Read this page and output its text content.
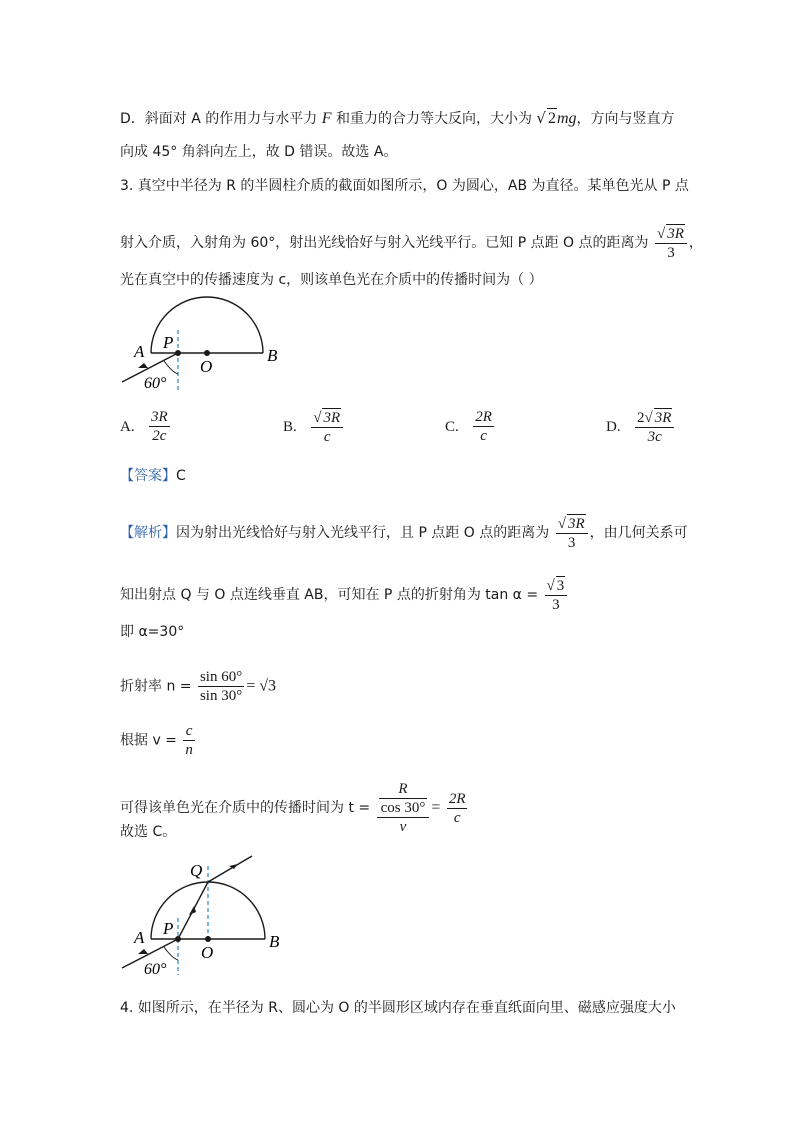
D．斜面对 A 的作用力与水平力 F 和重力的合力等大反向，大小为 √ 2mg，方向与竖直方
向成 45° 角斜向左上，故 D 错误。故选 A。
3. 真空中半径为 R 的半圆柱介质的截面如图所示，O 为圆心，AB 为直径。某单色光从 P 点
射入介质，入射角为 60°，射出光线恰好与射入光线平行。已知 P 点距 O 点的距离为 $\frac{√ 3R}{3}$ ，
光在真空中的传播速度为 c，则该单色光在介质中的传播时间为（ ）
A P
O
B
60°
A. $\frac{3R}{2c}$	B. $\frac{√ 3R}{c}$	C. $\frac{2R}{c}$	D. $\frac{2√ 3R}{3c}$
【答案】C
【解析】因为射出光线恰好与射入光线平行，且 P 点距 O 点的距离为 $\frac{√ 3R}{3}$ ，由几何关系可
知出射点 Q 与 O 点连线垂直 AB，可知在 P 点的折射角为 $\tan \alpha = \frac{√ 3}{3}$
即 α=30°
折射率 $n = \frac{\sin 60^\circ}{\sin 30^\circ} = √3$
根据 $v = \frac{c}{n}$
可得该单色光在介质中的传播时间为 $t = \frac{\frac{R}{\cos 30^\circ}}{v} = \frac{2R}{c}$
故选 C。
Q
A P
O
B
60°
4. 如图所示，在半径为 R、圆心为 O 的半圆形区域内存在垂直纸面向里、磁感应强度大小
